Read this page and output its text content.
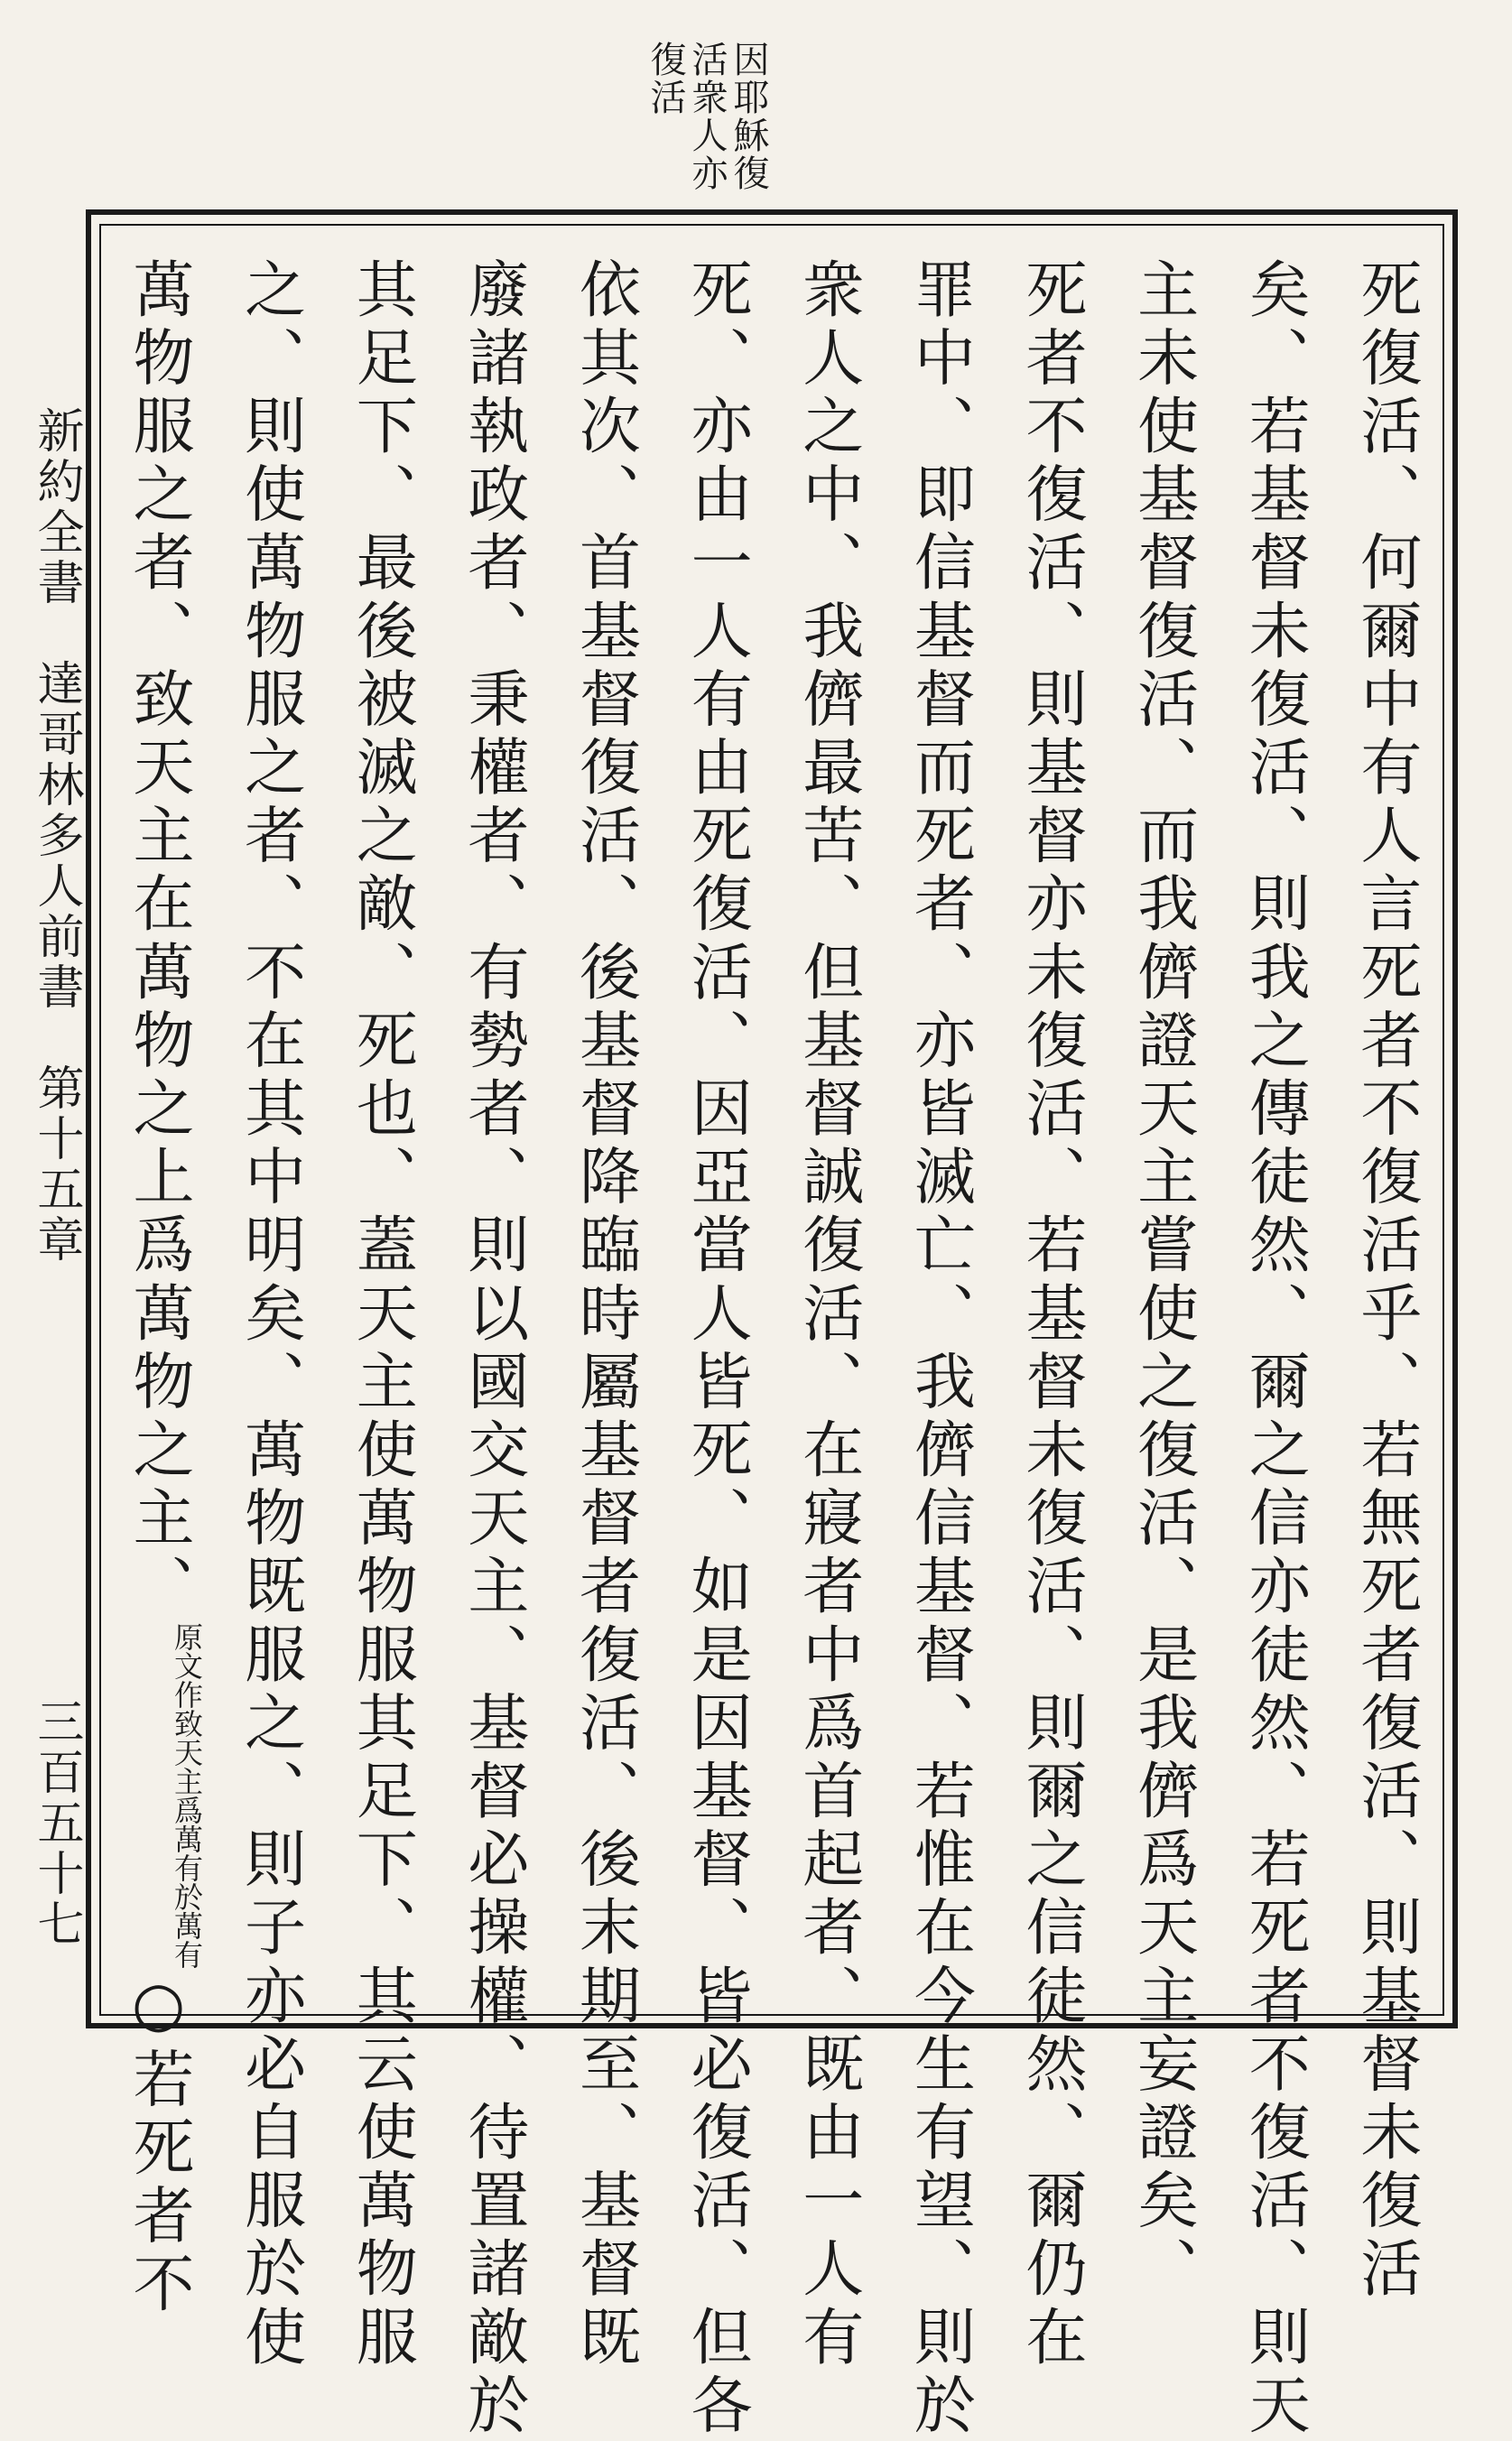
因耶穌復
活衆人亦
復活
死復活、何爾中有人言死者不復活乎、若無死者復活、則基督未復活
矣、若基督未復活、則我之傳徒然、爾之信亦徒然、若死者不復活、則天
主未使基督復活、而我儕證天主嘗使之復活、是我儕爲天主妄證矣、
死者不復活、則基督亦未復活、若基督未復活、則爾之信徒然、爾仍在
罪中、即信基督而死者、亦皆滅亡、我儕信基督、若惟在今生有望、則於
衆人之中、我儕最苦、但基督誠復活、在寢者中爲首起者、既由一人有
死、亦由一人有由死復活、因亞當人皆死、如是因基督、皆必復活、但各
依其次、首基督復活、後基督降臨時屬基督者復活、後末期至、基督既
廢諸執政者、秉權者、有勢者、則以國交天主、基督必操權、待置諸敵於
其足下、最後被滅之敵、死也、蓋天主使萬物服其足下、其云使萬物服
之、則使萬物服之者、不在其中明矣、萬物既服之、則子亦必自服於使
萬物服之者、致天主在萬物之上爲萬物之主、原文作致天主爲萬有於萬有○若死者不
新約全書　達哥林多人前書　第十五章
三百五十七
